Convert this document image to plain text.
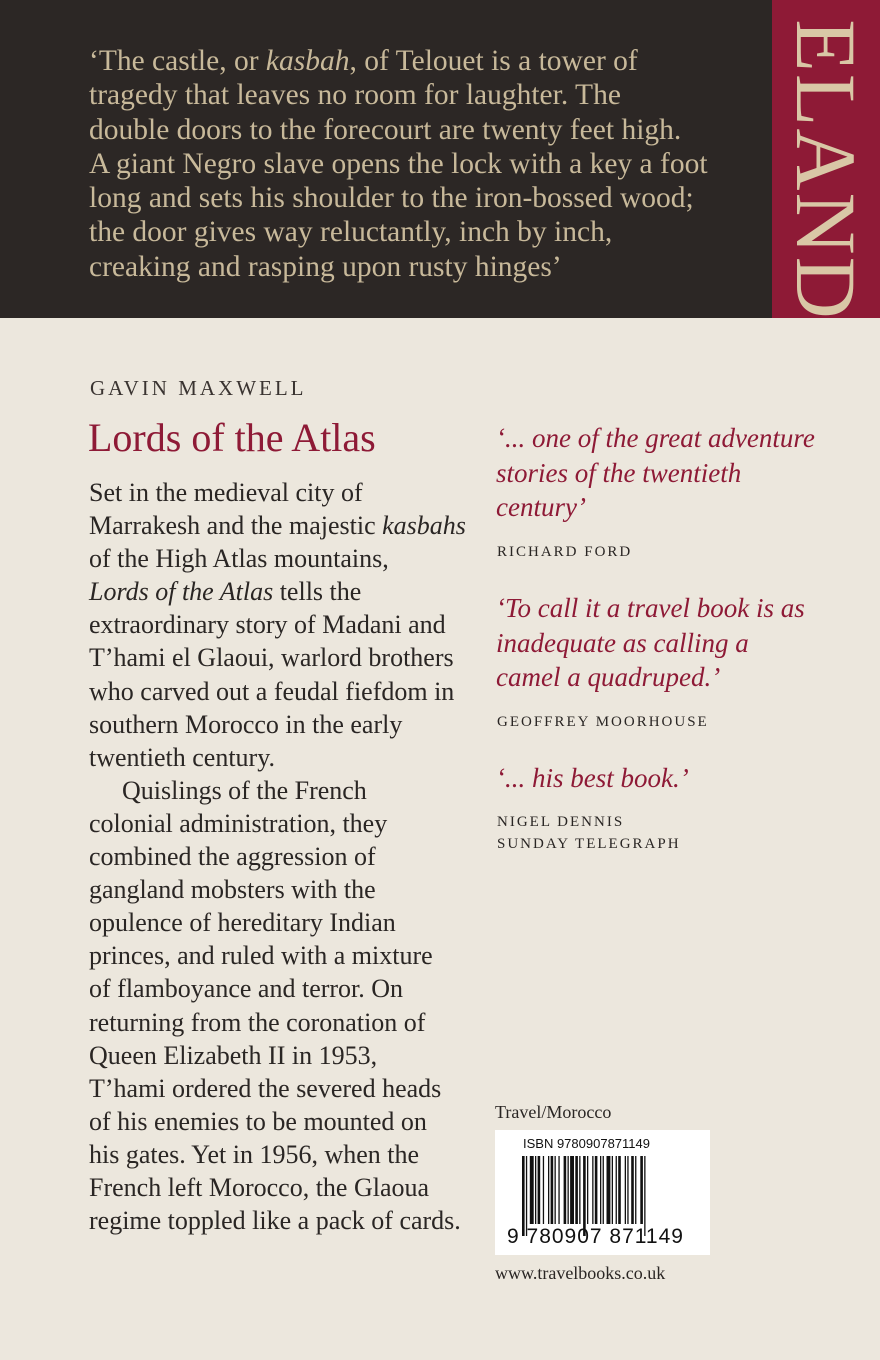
‘The castle, or kasbah, of Telouet is a tower of
tragedy that leaves no room for laughter. The
double doors to the forecourt are twenty feet high.
A giant Negro slave opens the lock with a key a foot
long and sets his shoulder to the iron-bossed wood;
the door gives way reluctantly, inch by inch,
creaking and rasping upon rusty hinges’	ELAND

GAVIN MAXWELL

Lords of the Atlas

Set in the medieval city of
Marrakesh and the majestic kasbahs
of the High Atlas mountains,
Lords of the Atlas tells the
extraordinary story of Madani and
T’hami el Glaoui, warlord brothers
who carved out a feudal fiefdom in
southern Morocco in the early
twentieth century.

Quislings of the French
colonial administration, they
combined the aggression of
gangland mobsters with the
opulence of hereditary Indian
princes, and ruled with a mixture
of flamboyance and terror. On
returning from the coronation of
Queen Elizabeth II in 1953,
T’hami ordered the severed heads
of his enemies to be mounted on
his gates. Yet in 1956, when the
French left Morocco, the Glaoua
regime toppled like a pack of cards.

‘... one of the great adventure
stories of the twentieth
century’

RICHARD FORD

‘To call it a travel book is as
inadequate as calling a
camel a quadruped.’

GEOFFREY MOORHOUSE

‘... his best book.’

NIGEL DENNIS
SUNDAY TELEGRAPH

Travel/Morocco

ISBN 9780907871149

9 780907 871149

www.travelbooks.co.uk
